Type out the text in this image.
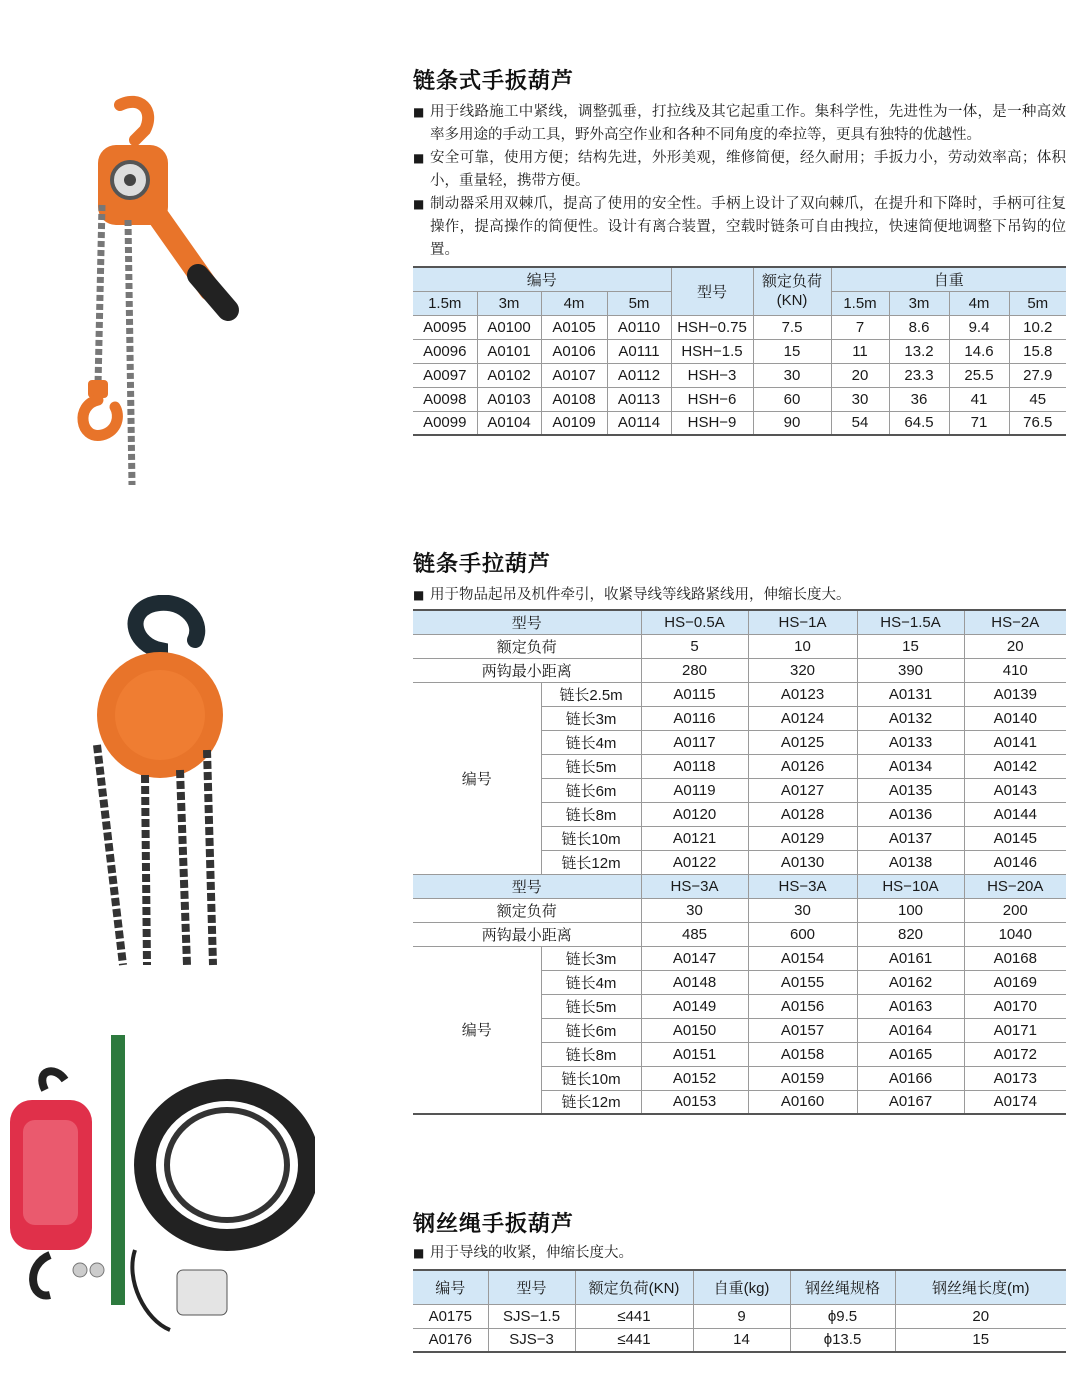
链条式手扳葫芦

■ 用于线路施工中紧线，调整弧垂，打拉线及其它起重工作。集科学性，先进性为一体，是一种高效率多用途的手动工具，野外高空作业和各种不同角度的牵拉等，更具有独特的优越性。

■ 安全可靠，使用方便；结构先进，外形美观，维修简便，经久耐用；手扳力小，劳动效率高；体积小，重量轻，携带方便。

■ 制动器采用双棘爪，提高了使用的安全性。手柄上设计了双向棘爪，在提升和下降时，手柄可往复操作，提高操作的简便性。设计有离合装置，空载时链条可自由拽拉，快速简便地调整下吊钩的位置。

编号				型号	额定负荷(KN)	自重			
1.5m	3m	4m	5m			1.5m	3m	4m	5m
A0095	A0100	A0105	A0110	HSH−0.75	7.5	7	8.6	9.4	10.2
A0096	A0101	A0106	A0111	HSH−1.5	15	11	13.2	14.6	15.8
A0097	A0102	A0107	A0112	HSH−3	30	20	23.3	25.5	27.9
A0098	A0103	A0108	A0113	HSH−6	60	30	36	41	45
A0099	A0104	A0109	A0114	HSH−9	90	54	64.5	71	76.5
链条手拉葫芦

■ 用于物品起吊及机件牵引，收紧导线等线路紧线用，伸缩长度大。

型号		HS−0.5A	HS−1A	HS−1.5A	HS−2A
额定负荷		5	10	15	20
两钩最小距离		280	320	390	410
编号	链长2.5m	A0115	A0123	A0131	A0139
	链长3m	A0116	A0124	A0132	A0140
	链长4m	A0117	A0125	A0133	A0141
	链长5m	A0118	A0126	A0134	A0142
	链长6m	A0119	A0127	A0135	A0143
	链长8m	A0120	A0128	A0136	A0144
	链长10m	A0121	A0129	A0137	A0145
	链长12m	A0122	A0130	A0138	A0146
型号		HS−3A	HS−3A	HS−10A	HS−20A
额定负荷		30	30	100	200
两钩最小距离		485	600	820	1040
编号	链长3m	A0147	A0154	A0161	A0168
	链长4m	A0148	A0155	A0162	A0169
	链长5m	A0149	A0156	A0163	A0170
	链长6m	A0150	A0157	A0164	A0171
	链长8m	A0151	A0158	A0165	A0172
	链长10m	A0152	A0159	A0166	A0173
	链长12m	A0153	A0160	A0167	A0174
钢丝绳手扳葫芦

■ 用于导线的收紧，伸缩长度大。

编号	型号	额定负荷(KN)	自重(kg)	钢丝绳规格	钢丝绳长度(m)
A0175	SJS−1.5	≤441	9	ϕ9.5	20
A0176	SJS−3	≤441	14	ϕ13.5	15
